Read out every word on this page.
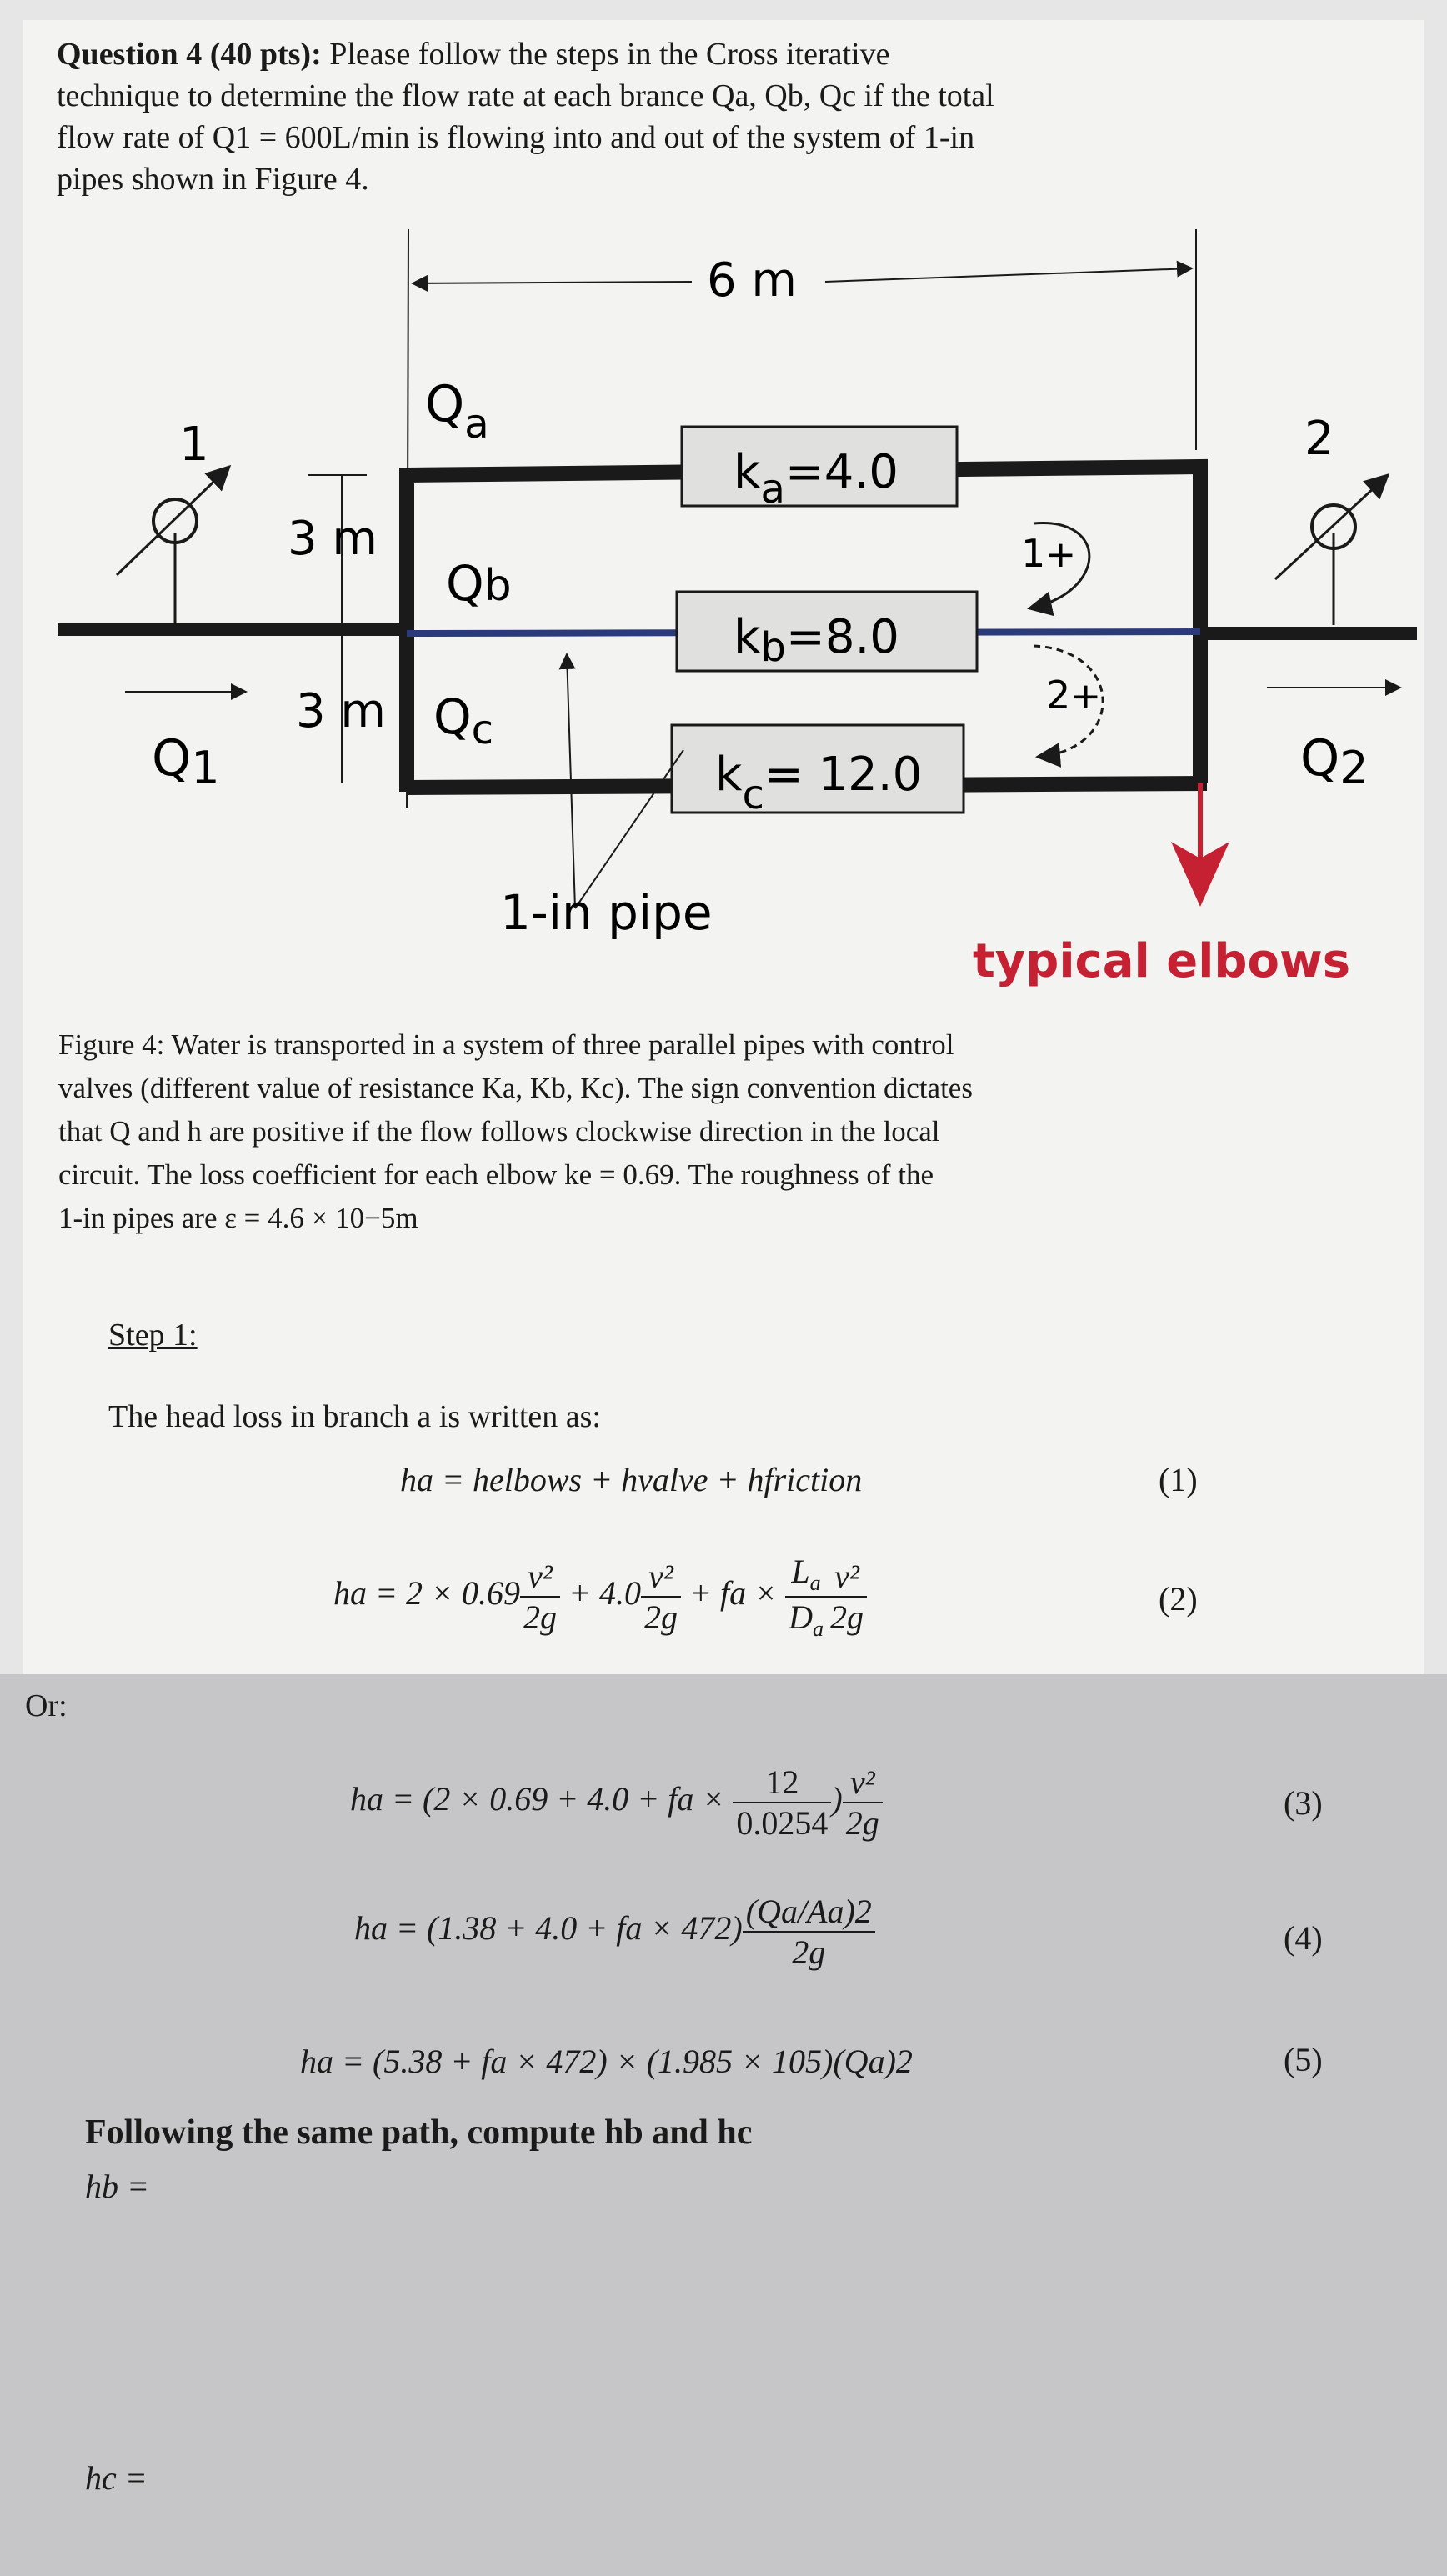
Question 4 (40 pts): Please follow the steps in the Cross iterative
technique to determine the flow rate at each brance Qa, Qb, Qc if the total
flow rate of Q1 = 600L/min is flowing into and out of the system of 1-in
pipes shown in Figure 4.
6 m
3 m
3 m
ka=4.0
kb=8.0
kc= 12.0
$Q_a$
Qb
$Q_c$
Q1	Q2
1	2
1+
2+
1-in pipe
typical elbows
Figure 4: Water is transported in a system of three parallel pipes with control
valves (different value of resistance Ka, Kb, Kc). The sign convention dictates
that Q and h are positive if the flow follows clockwise direction in the local
circuit. The loss coefficient for each elbow ke = 0.69. The roughness of the
1-in pipes are ε = 4.6 × 10−5m
Step 1:
The head loss in branch a is written as:
ha = helbows + hvalve + hfriction	(1)
ha = $2 \times 0.69 \frac{\text{v²}}{2g} + 4.0 \frac{\text{v²}}{2g}$ + fa × $\frac{L_a}{D_a} \frac{\text{v²}}{2g}$	(2)
Or:
ha = (2 × 0.69 + 4.0 + fa × $\frac{12}{0.0254}$ ) $\frac{\text{v²}}{2g}$	(3)
ha = (1.38 + 4.0 + fa × $472) \frac{(Qa/Aa)2}{2g}$	(4)
ha = (5.38 + fa × 472) × (1.985 × 105)(Qa)2	(5)
Following the same path, compute hb and hc
hb =
hc =
